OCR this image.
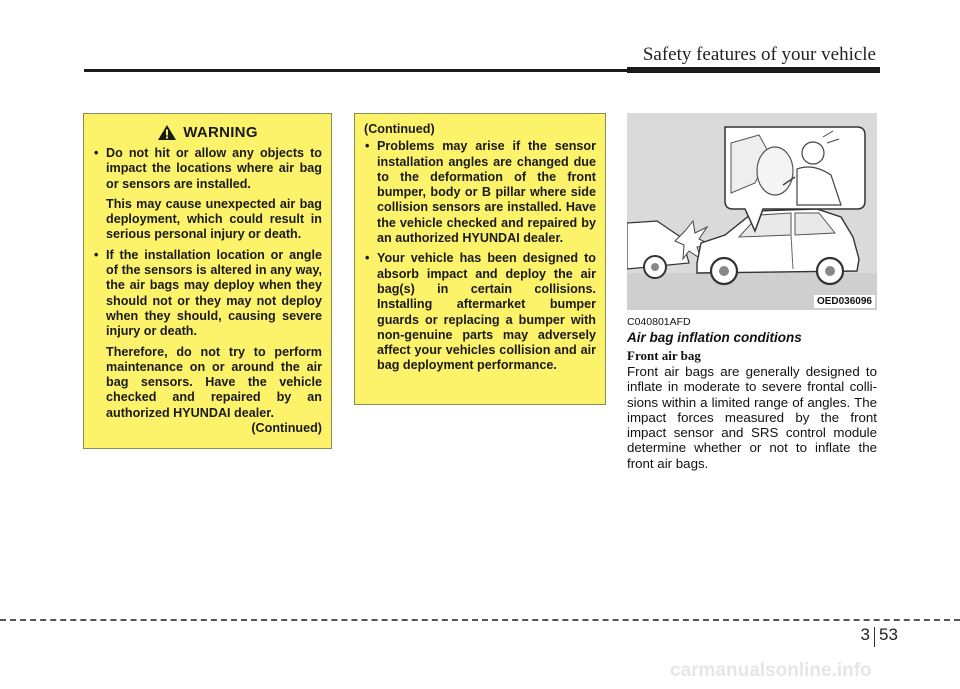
Safety features of your vehicle
WARNING

• Do not hit or allow any objects to impact the locations where air bag or sensors are installed.

This may cause unexpected air bag deployment, which could result in serious personal injury or death.

• If the installation location or angle of the sensors is altered in any way, the air bags may deploy when they should not or they may not deploy when they should, causing severe injury or death.

Therefore, do not try to perform maintenance on or around the air bag sensors. Have the vehicle checked and repaired by an authorized HYUNDAI dealer.

(Continued)
(Continued)

• Problems may arise if the sensor installation angles are changed due to the deformation of the front bumper, body or B pillar where side collision sensors are installed. Have the vehicle checked and repaired by an authorized HYUNDAI dealer.

• Your vehicle has been designed to absorb impact and deploy the air bag(s) in certain collisions. Installing aftermarket bumper guards or replacing a bumper with non-genuine parts may adversely affect your vehicles collision and air bag deployment performance.

OED036096
C040801AFD
Air bag inflation conditions
Front air bag

Front air bags are generally designed to inflate in moderate to severe frontal colli-sions within a limited range of angles. The impact forces measured by the front impact sensor and SRS control module determine whether or not to inflate the front air bags.

3 53
carmanualsonline.info
